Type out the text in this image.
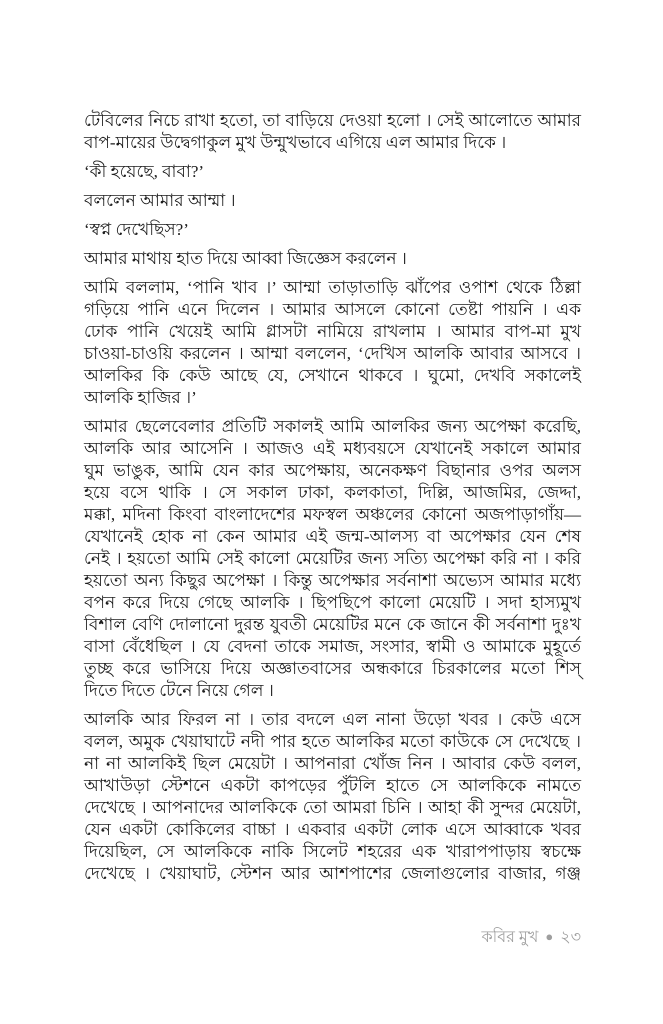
টেবিলের নিচে রাখা হতো, তা বাড়িয়ে দেওয়া হলো । সেই আলোতে আমার
বাপ-মায়ের উদ্বেগাকুল মুখ উন্মুখভাবে এগিয়ে এল আমার দিকে ।
‘কী হয়েছে, বাবা?’
বললেন আমার আম্মা ।
‘স্বপ্ন দেখেছিস?’
আমার মাথায় হাত দিয়ে আব্বা জিজ্ঞেস করলেন ।
আমি বললাম, ‘পানি খাব ।’ আম্মা তাড়াতাড়ি ঝাঁপের ওপাশ থেকে ঠিল্লা
গড়িয়ে পানি এনে দিলেন । আমার আসলে কোনো তেষ্টা পায়নি । এক
ঢোক পানি খেয়েই আমি গ্লাসটা নামিয়ে রাখলাম । আমার বাপ-মা মুখ
চাওয়া-চাওয়ি করলেন । আম্মা বললেন, ‘দেখিস আলকি আবার আসবে ।
আলকির কি কেউ আছে যে, সেখানে থাকবে । ঘুমো, দেখবি সকালেই
আলকি হাজির ।’
আমার ছেলেবেলার প্রতিটি সকালই আমি আলকির জন্য অপেক্ষা করেছি,
আলকি আর আসেনি । আজও এই মধ্যবয়সে যেখানেই সকালে আমার
ঘুম ভাঙুক, আমি যেন কার অপেক্ষায়, অনেকক্ষণ বিছানার ওপর অলস
হয়ে বসে থাকি । সে সকাল ঢাকা, কলকাতা, দিল্লি, আজমির, জেদ্দা,
মক্কা, মদিনা কিংবা বাংলাদেশের মফস্বল অঞ্চলের কোনো অজপাড়াগাঁয়—
যেখানেই হোক না কেন আমার এই জন্ম-আলস্য বা অপেক্ষার যেন শেষ
নেই । হয়তো আমি সেই কালো মেয়েটির জন্য সত্যি অপেক্ষা করি না । করি
হয়তো অন্য কিছুর অপেক্ষা । কিন্তু অপেক্ষার সর্বনাশা অভ্যেস আমার মধ্যে
বপন করে দিয়ে গেছে আলকি । ছিপছিপে কালো মেয়েটি । সদা হাস্যমুখ
বিশাল বেণি দোলানো দুরন্ত যুবতী মেয়েটির মনে কে জানে কী সর্বনাশা দুঃখ
বাসা বেঁধেছিল । যে বেদনা তাকে সমাজ, সংসার, স্বামী ও আমাকে মুহূর্তে
তুচ্ছ করে ভাসিয়ে দিয়ে অজ্ঞাতবাসের অন্ধকারে চিরকালের মতো শিস্
দিতে দিতে টেনে নিয়ে গেল ।
আলকি আর ফিরল না । তার বদলে এল নানা উড়ো খবর । কেউ এসে
বলল, অমুক খেয়াঘাটে নদী পার হতে আলকির মতো কাউকে সে দেখেছে ।
না না আলকিই ছিল মেয়েটা । আপনারা খোঁজ নিন । আবার কেউ বলল,
আখাউড়া স্টেশনে একটা কাপড়ের পুঁটলি হাতে সে আলকিকে নামতে
দেখেছে । আপনাদের আলকিকে তো আমরা চিনি । আহা কী সুন্দর মেয়েটা,
যেন একটা কোকিলের বাচ্চা । একবার একটা লোক এসে আব্বাকে খবর
দিয়েছিল, সে আলকিকে নাকি সিলেট শহরের এক খারাপপাড়ায় স্বচক্ষে
দেখেছে । খেয়াঘাট, স্টেশন আর আশপাশের জেলাগুলোর বাজার, গঞ্জ
কবির মুখ ● ২৩
